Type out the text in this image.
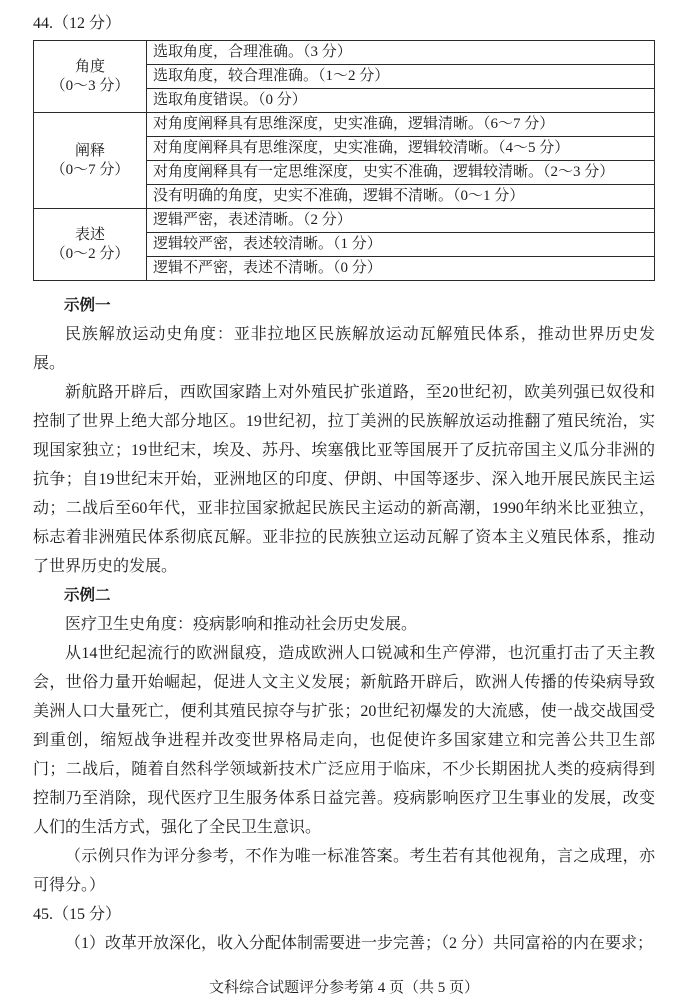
44.（12 分）

角度
（0～3 分）	选取角度，合理准确。（3 分）
	选取角度，较合理准确。（1～2 分）
	选取角度错误。（0 分）

阐释
（0～7 分）	对角度阐释具有思维深度，史实准确，逻辑清晰。（6～7 分）
	对角度阐释具有思维深度，史实准确，逻辑较清晰。（4～5 分）
	对角度阐释具有一定思维深度，史实不准确，逻辑较清晰。（2～3 分）
	没有明确的角度，史实不准确，逻辑不清晰。（0～1 分）

表述
（0～2 分）	逻辑严密，表述清晰。（2 分）
	逻辑较严密，表述较清晰。（1 分）
	逻辑不严密，表述不清晰。（0 分）

示例一

民族解放运动史角度：亚非拉地区民族解放运动瓦解殖民体系，推动世界历史发展。

新航路开辟后，西欧国家踏上对外殖民扩张道路，至20世纪初，欧美列强已奴役和控制了世界上绝大部分地区。19世纪初，拉丁美洲的民族解放运动推翻了殖民统治，实现国家独立；19世纪末，埃及、苏丹、埃塞俄比亚等国展开了反抗帝国主义瓜分非洲的抗争；自19世纪末开始，亚洲地区的印度、伊朗、中国等逐步、深入地开展民族民主运动；二战后至60年代，亚非拉国家掀起民族民主运动的新高潮，1990年纳米比亚独立，标志着非洲殖民体系彻底瓦解。亚非拉的民族独立运动瓦解了资本主义殖民体系，推动了世界历史的发展。

示例二

医疗卫生史角度：疫病影响和推动社会历史发展。

从14世纪起流行的欧洲鼠疫，造成欧洲人口锐减和生产停滞，也沉重打击了天主教会，世俗力量开始崛起，促进人文主义发展；新航路开辟后，欧洲人传播的传染病导致美洲人口大量死亡，便利其殖民掠夺与扩张；20世纪初爆发的大流感，使一战交战国受到重创，缩短战争进程并改变世界格局走向，也促使许多国家建立和完善公共卫生部门；二战后，随着自然科学领域新技术广泛应用于临床，不少长期困扰人类的疫病得到控制乃至消除，现代医疗卫生服务体系日益完善。疫病影响医疗卫生事业的发展，改变人们的生活方式，强化了全民卫生意识。

（示例只作为评分参考，不作为唯一标准答案。考生若有其他视角，言之成理，亦可得分。）

45.（15 分）

（1）改革开放深化，收入分配体制需要进一步完善；（2 分）共同富裕的内在要求；

文科综合试题评分参考第 4 页（共 5 页）
